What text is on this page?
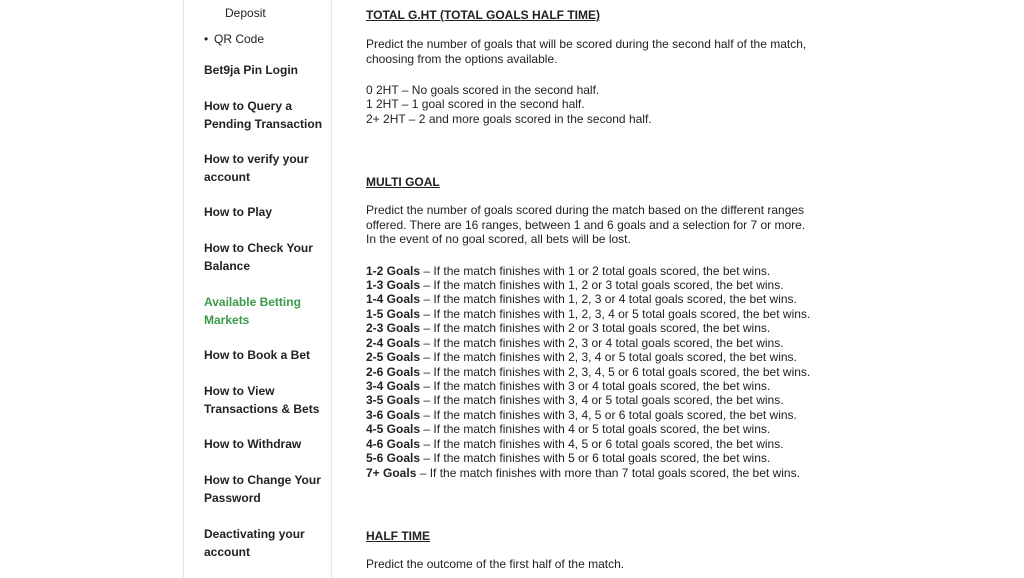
Deposit
• QR Code
Bet9ja Pin Login
How to Query a Pending Transaction
How to verify your account
How to Play
How to Check Your Balance
Available Betting Markets
How to Book a Bet
How to View Transactions & Bets
How to Withdraw
How to Change Your Password
Deactivating your account
TOTAL G.HT (TOTAL GOALS HALF TIME)
Predict the number of goals that will be scored during the second half of the match, choosing from the options available.
0 2HT – No goals scored in the second half.
1 2HT – 1 goal scored in the second half.
2+ 2HT – 2 and more goals scored in the second half.
MULTI GOAL
Predict the number of goals scored during the match based on the different ranges offered. There are 16 ranges, between 1 and 6 goals and a selection for 7 or more. In the event of no goal scored, all bets will be lost.
1-2 Goals – If the match finishes with 1 or 2 total goals scored, the bet wins.
1-3 Goals – If the match finishes with 1, 2 or 3 total goals scored, the bet wins.
1-4 Goals – If the match finishes with 1, 2, 3 or 4 total goals scored, the bet wins.
1-5 Goals – If the match finishes with 1, 2, 3, 4 or 5 total goals scored, the bet wins.
2-3 Goals – If the match finishes with 2 or 3 total goals scored, the bet wins.
2-4 Goals – If the match finishes with 2, 3 or 4 total goals scored, the bet wins.
2-5 Goals – If the match finishes with 2, 3, 4 or 5 total goals scored, the bet wins.
2-6 Goals – If the match finishes with 2, 3, 4, 5 or 6 total goals scored, the bet wins.
3-4 Goals – If the match finishes with 3 or 4 total goals scored, the bet wins.
3-5 Goals – If the match finishes with 3, 4 or 5 total goals scored, the bet wins.
3-6 Goals – If the match finishes with 3, 4, 5 or 6 total goals scored, the bet wins.
4-5 Goals – If the match finishes with 4 or 5 total goals scored, the bet wins.
4-6 Goals – If the match finishes with 4, 5 or 6 total goals scored, the bet wins.
5-6 Goals – If the match finishes with 5 or 6 total goals scored, the bet wins.
7+ Goals – If the match finishes with more than 7 total goals scored, the bet wins.
HALF TIME
Predict the outcome of the first half of the match.
